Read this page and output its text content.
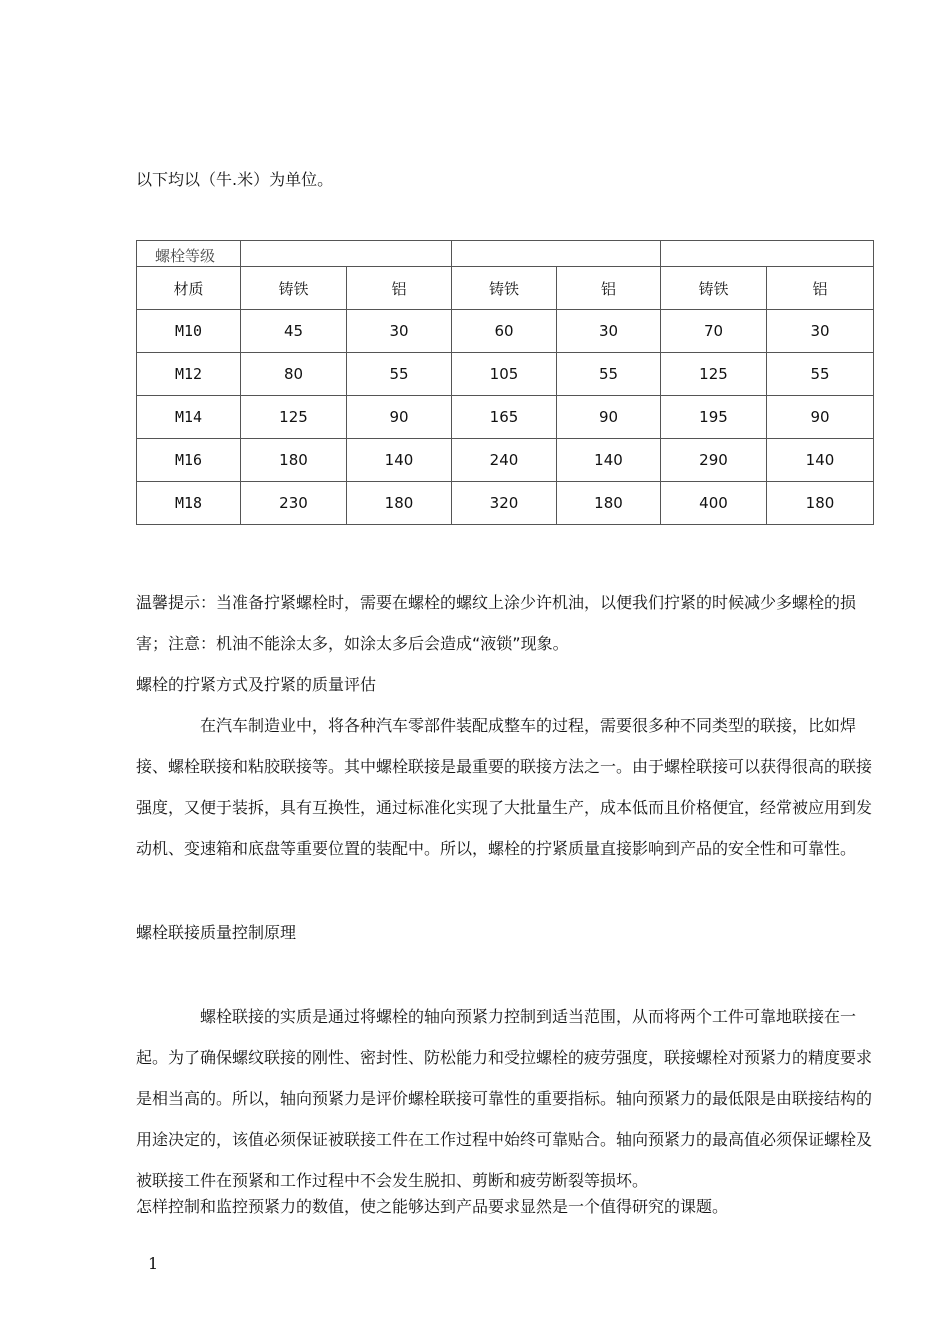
以下均以（牛.米）为单位。

螺栓等级						
材质	铸铁	铝	铸铁	铝	铸铁	铝
M10	45	30	60	30	70	30
M12	80	55	105	55	125	55
M14	125	90	165	90	195	90
M16	180	140	240	140	290	140
M18	230	180	320	180	400	180

温馨提示：当准备拧紧螺栓时，需要在螺栓的螺纹上涂少许机油，以便我们拧紧的时候减少多螺栓的损害；注意：机油不能涂太多，如涂太多后会造成“液锁”现象。

螺栓的拧紧方式及拧紧的质量评估

在汽车制造业中，将各种汽车零部件装配成整车的过程，需要很多种不同类型的联接，比如焊接、螺栓联接和粘胶联接等。其中螺栓联接是最重要的联接方法之一。由于螺栓联接可以获得很高的联接强度，又便于装拆，具有互换性，通过标准化实现了大批量生产，成本低而且价格便宜，经常被应用到发动机、变速箱和底盘等重要位置的装配中。所以，螺栓的拧紧质量直接影响到产品的安全性和可靠性。

螺栓联接质量控制原理

螺栓联接的实质是通过将螺栓的轴向预紧力控制到适当范围，从而将两个工件可靠地联接在一起。为了确保螺纹联接的刚性、密封性、防松能力和受拉螺栓的疲劳强度，联接螺栓对预紧力的精度要求是相当高的。所以，轴向预紧力是评价螺栓联接可靠性的重要指标。轴向预紧力的最低限是由联接结构的用途决定的，该值必须保证被联接工件在工作过程中始终可靠贴合。轴向预紧力的最高值必须保证螺栓及被联接工件在预紧和工作过程中不会发生脱扣、剪断和疲劳断裂等损坏。

怎样控制和监控预紧力的数值，使之能够达到产品要求显然是一个值得研究的课题。

1
